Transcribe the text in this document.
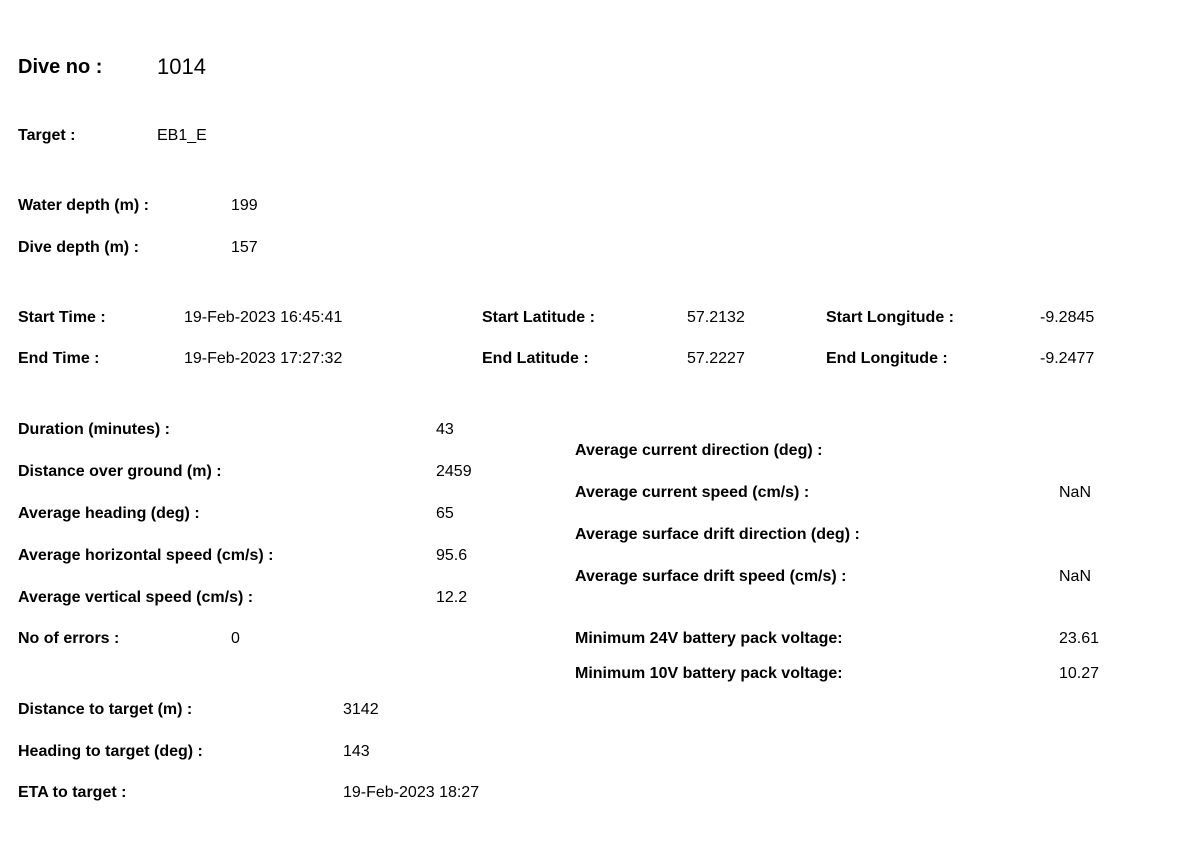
Dive no : 1014
Target :	EB1_E
Water depth (m) :	199
Dive depth (m) :	157
Start Time :	19-Feb-2023 16:45:41	Start Latitude :	57.2132	Start Longitude :	-9.2845
End Time :	19-Feb-2023 17:27:32	End Latitude :	57.2227	End Longitude :	-9.2477
Duration (minutes) :	43
Distance over ground (m) :	2459
Average heading (deg) :	65
Average horizontal speed (cm/s) :	95.6
Average vertical speed (cm/s) :	12.2
No of errors :	0
Average current direction (deg) :
Average current speed (cm/s) :	NaN
Average surface drift direction (deg) :
Average surface drift speed (cm/s) :	NaN
Minimum 24V battery pack voltage:	23.61
Minimum 10V battery pack voltage:	10.27
Distance to target (m) :	3142
Heading to target (deg) :	143
ETA to target :	19-Feb-2023 18:27
